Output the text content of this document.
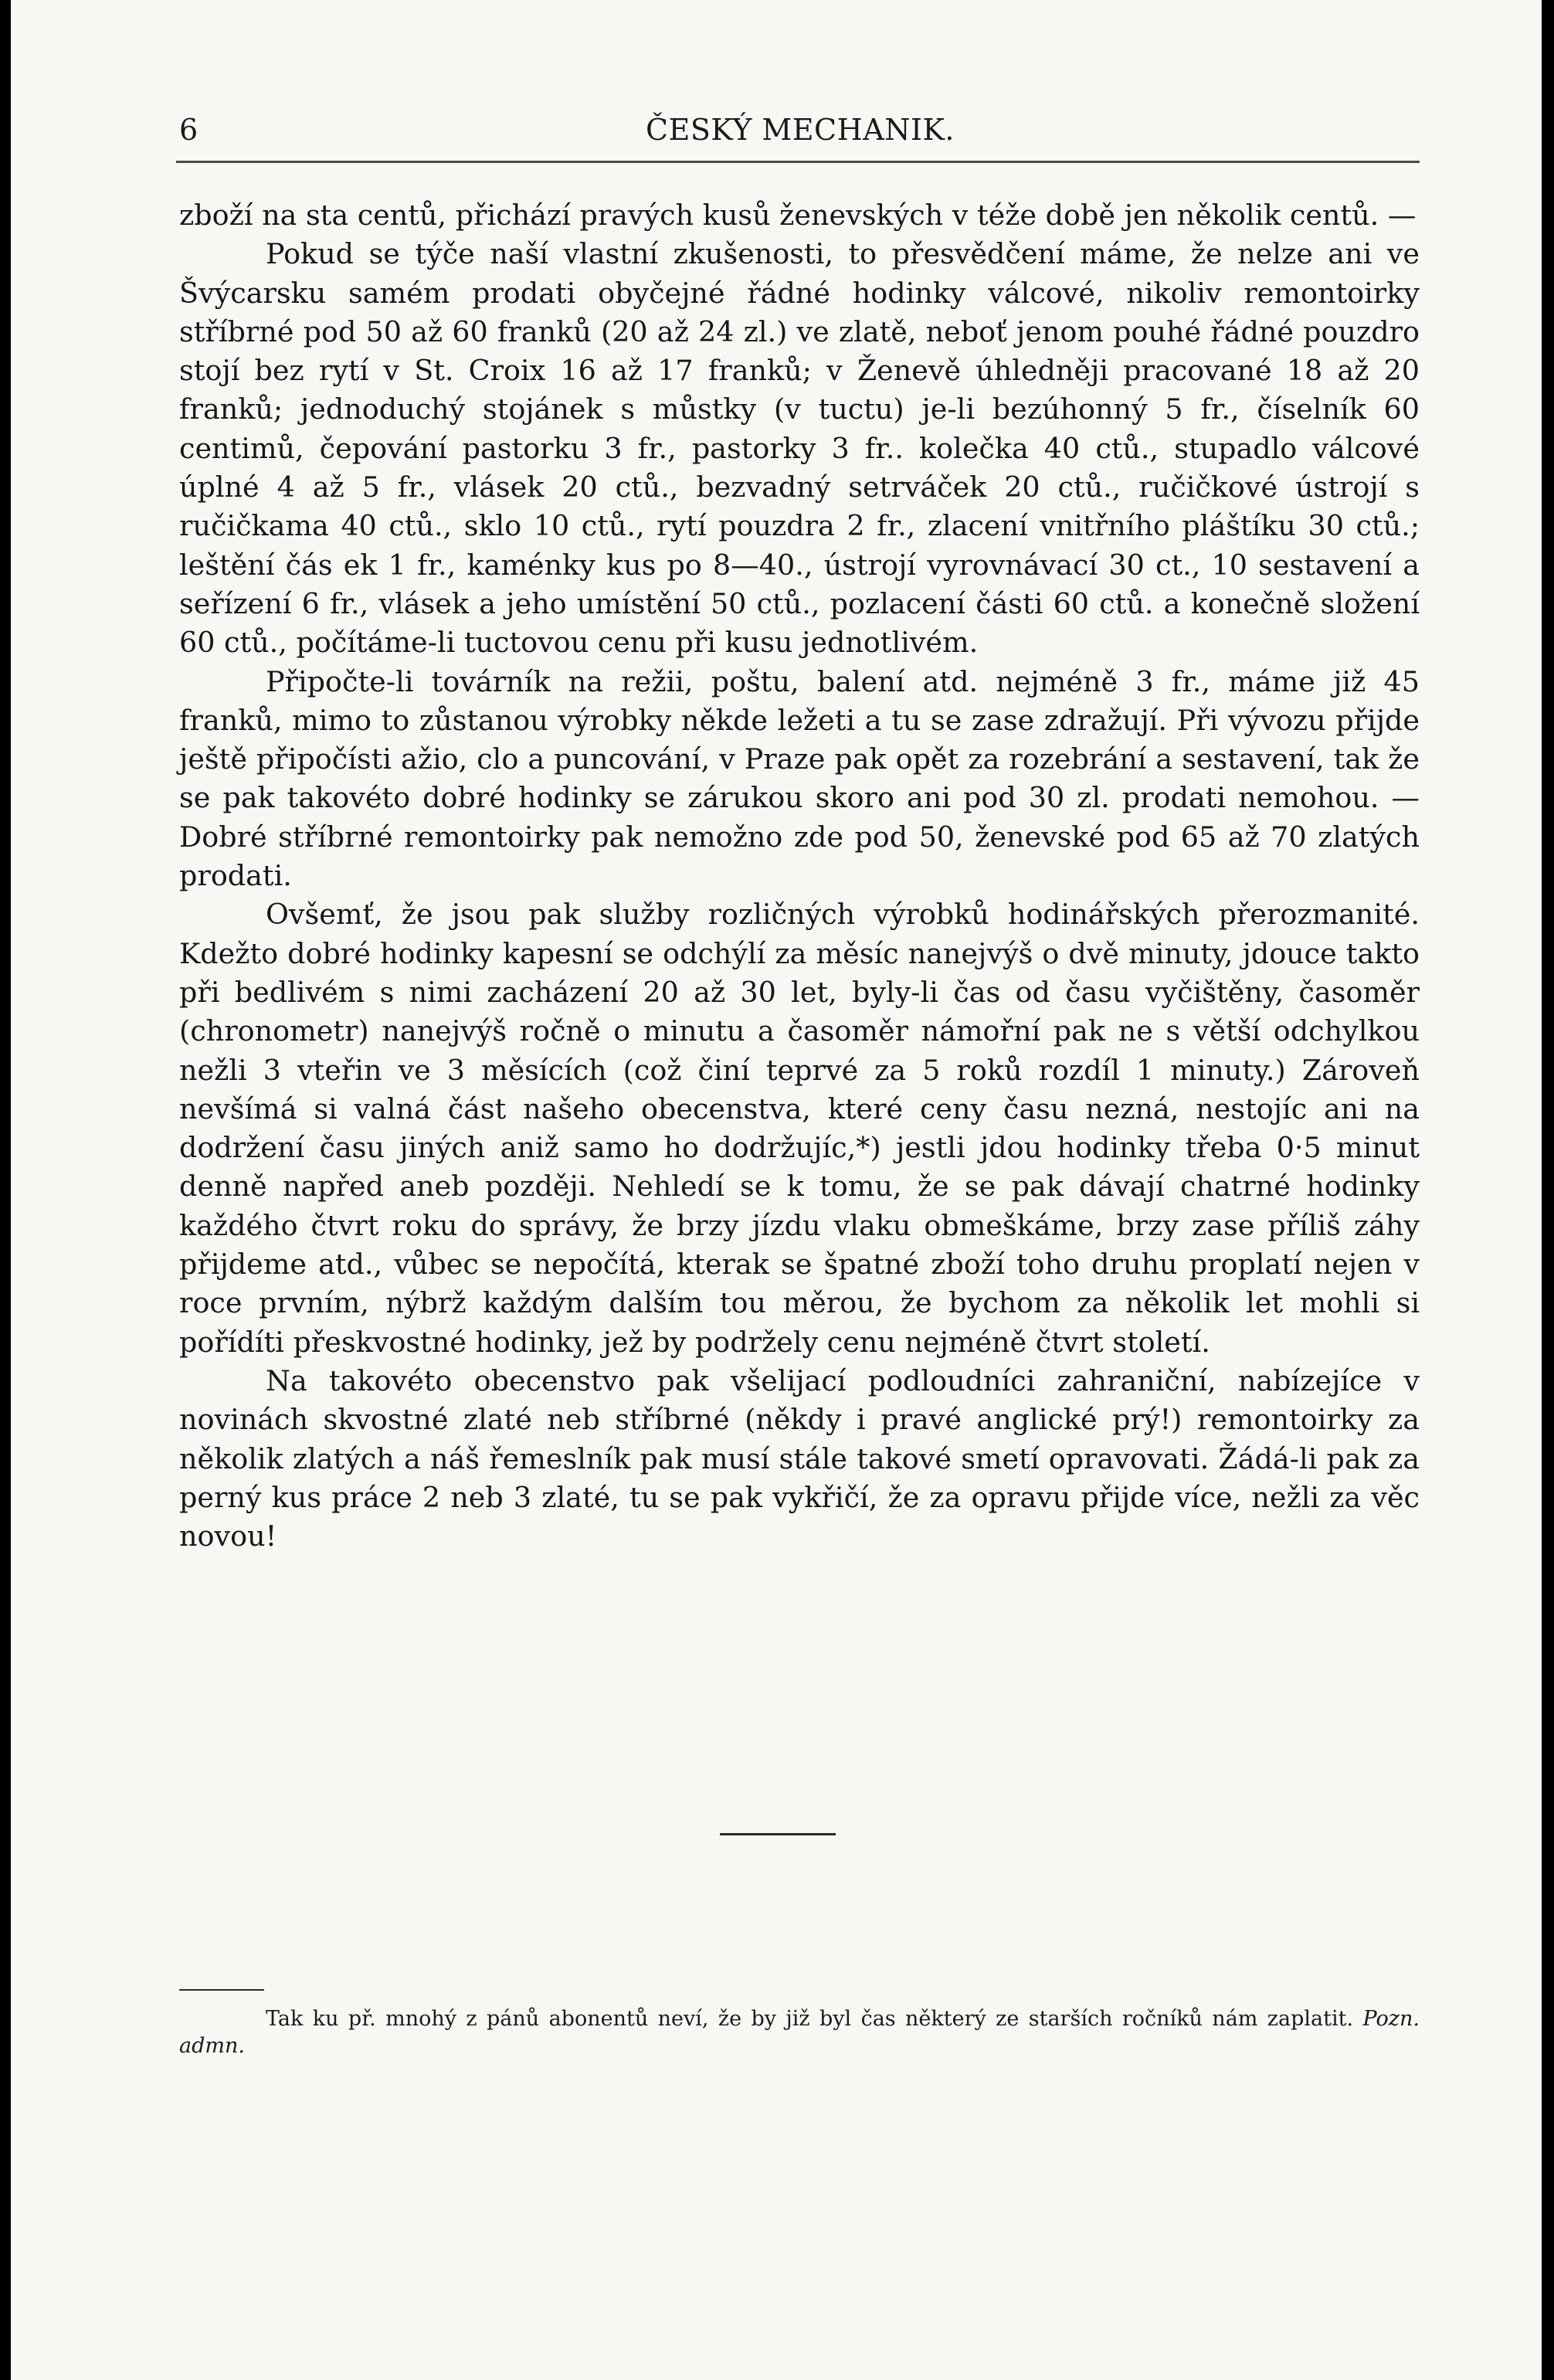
6	ČESKÝ MECHANIK.

zboží na sta centů, přichází pravých kusů ženevských v téže době jen několik centů. —

Pokud se týče naší vlastní zkušenosti, to přesvědčení máme, že nelze ani ve Švýcarsku samém prodati obyčejné řádné hodinky válcové, nikoliv remontoirky stříbrné pod 50 až 60 franků (20 až 24 zl.) ve zlatě, neboť jenom pouhé řádné pouzdro stojí bez rytí v St. Croix 16 až 17 franků; v Ženevě úhledněji pracované 18 až 20 franků; jednoduchý stojánek s můstky (v tuctu) je-li bezúhonný 5 fr., číselník 60 centimů, čepování pastorku 3 fr., pastorky 3 fr.. kolečka 40 ctů., stupadlo válcové úplné 4 až 5 fr., vlásek 20 ctů., bezvadný setrváček 20 ctů., ručičkové ústrojí s ručičkama 40 ctů., sklo 10 ctů., rytí pouzdra 2 fr., zlacení vnitřního pláštíku 30 ctů.; leštění čás ek 1 fr., kaménky kus po 8—40., ústrojí vyrovnávací 30 ct., 10 sestavení a seřízení 6 fr., vlásek a jeho umístění 50 ctů., pozlacení části 60 ctů. a konečně složení 60 ctů., počítáme-li tuctovou cenu při kusu jednotlivém.

Připočte-li továrník na režii, poštu, balení atd. nejméně 3 fr., máme již 45 franků, mimo to zůstanou výrobky někde ležeti a tu se zase zdražují. Při vývozu přijde ještě připočísti ažio, clo a puncování, v Praze pak opět za rozebrání a sestavení, tak že se pak takovéto dobré hodinky se zárukou skoro ani pod 30 zl. prodati nemohou. — Dobré stříbrné remontoirky pak nemožno zde pod 50, ženevské pod 65 až 70 zlatých prodati.

Ovšemť, že jsou pak služby rozličných výrobků hodinářských přerozmanité. Kdežto dobré hodinky kapesní se odchýlí za měsíc nanejvýš o dvě minuty, jdouce takto při bedlivém s nimi zacházení 20 až 30 let, byly-li čas od času vyčištěny, časoměr (chronometr) nanejvýš ročně o minutu a časoměr námořní pak ne s větší odchylkou nežli 3 vteřin ve 3 měsících (což činí teprvé za 5 roků rozdíl 1 minuty.) Zároveň nevšímá si valná část našeho obecenstva, které ceny času nezná, nestojíc ani na dodržení času jiných aniž samo ho dodržujíc,*) jestli jdou hodinky třeba 0·5 minut denně napřed aneb později. Nehledí se k tomu, že se pak dávají chatrné hodinky každého čtvrt roku do správy, že brzy jízdu vlaku obmeškáme, brzy zase příliš záhy přijdeme atd., vůbec se nepočítá, kterak se špatné zboží toho druhu proplatí nejen v roce prvním, nýbrž každým dalším tou měrou, že bychom za několik let mohli si pořídíti přeskvostné hodinky, jež by podržely cenu nejméně čtvrt století.

Na takovéto obecenstvo pak všelijací podloudníci zahraniční, nabízejíce v novinách skvostné zlaté neb stříbrné (někdy i pravé anglické prý!) remontoirky za několik zlatých a náš řemeslník pak musí stále takové smetí opravovati. Žádá-li pak za perný kus práce 2 neb 3 zlaté, tu se pak vykřičí, že za opravu přijde více, nežli za věc novou!

Tak ku př. mnohý z pánů abonentů neví, že by již byl čas některý ze starších ročníků nám zaplatit. Pozn. admn.
